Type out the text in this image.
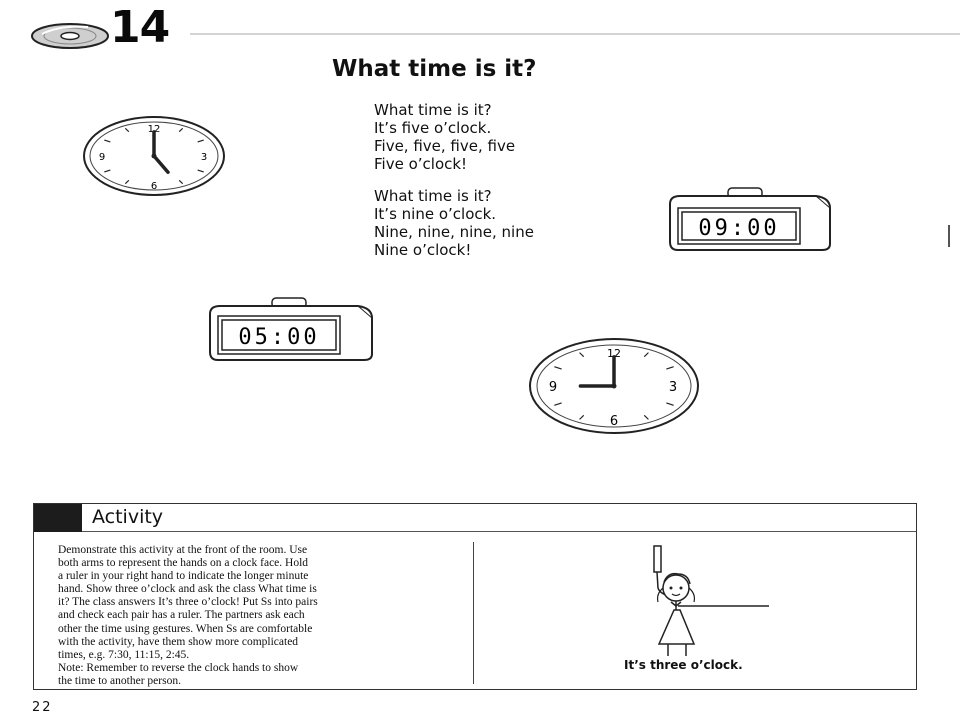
14
What time is it?
What time is it?
It’s five o’clock.
Five, five, five, five
Five o’clock!
What time is it?
It’s nine o’clock.
Nine, nine, nine, nine
Nine o’clock!
12
3
6
9
09:00
05:00
12
3
6
9
Activity

Demonstrate this activity at the front of the room. Use

both arms to represent the hands on a clock face. Hold

a ruler in your right hand to indicate the longer minute

hand. Show three o’clock and ask the class What time is

it? The class answers It’s three o’clock! Put Ss into pairs

and check each pair has a ruler. The partners ask each

other the time using gestures. When Ss are comfortable

with the activity, have them show more complicated

times, e.g. 7:30, 11:15, 2:45.

Note: Remember to reverse the clock hands to show

the time to another person.

It’s three o’clock.
22
